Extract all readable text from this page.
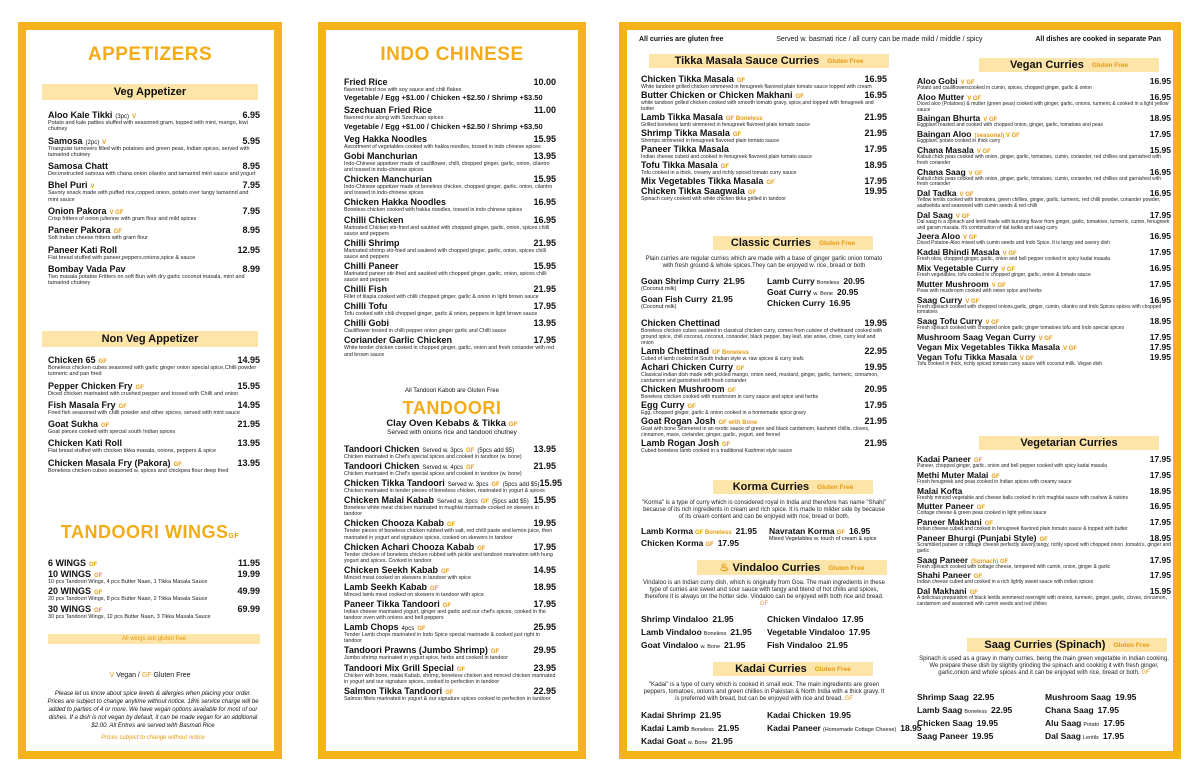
APPETIZERS
Veg Appetizer
Aloo Kale Tikki (3pc) V	6.95
Potato and kale patties stuffed with seasoned gram, topped with mint, mango, kiwi chutney
Samosa (2pc) V	5.95
Triangular turnovers filled with potatoes and green peas, Indian spices, served with tamarind chutney
Samosa Chatt	8.95
Deconstructed samosa with chana onion cilantro and tamarind mint sauce and yogurt
Bhel Puri V	7.95
Savory snack made with puffed rice,copped onion, potato over tangy tamarind and mint sauce
Onion Pakora V GF	7.95
Crisp fritters of onion julienne with gram flour and mild spices
Paneer Pakora GF	8.95
Soft Indian cheese fritters with gram flour
Paneer Kati Roll	12.95
Flat bread stuffed with paneer,peppers,onions,spice & sauce
Bombay Vada Pav	8.99
Two masala potatoe Fritters on soft Bun with dry garlic coconut masala, mint and tamarind chutney
Non Veg Appetizer
Chicken 65 GF	14.95
Boneless chicken cubes seasoned with garlic ginger onion special spice,Chilli powder turmeric and pan fried
Pepper Chicken Fry GF	15.95
Diced chicken marinated with crushed pepper and tossed with Chilli and onion
Fish Masala Fry GF	14.95
Fried fish seasoned with chilli powder and other spices, served with mint sauce
Goat Sukha GF	21.95
Goat pieces cooked with special south Indian spices
Chicken Kati Roll	13.95
Flat bread stuffed with chicken tikka masala, onions, peppers & spice
Chicken Masala Fry (Pakora) GF	13.95
Boneless chicken cubes seasoned w. spices and chickpea flour deep fried
TANDOORI WINGSGF
6 WINGS GF	11.95
10 WINGS GF	19.99
10 pcs Tandoori Wings, 4 pcs Butter Naan, 1 Tikka Masala Sauce
20 WINGS GF	49.99
20 pcs Tandoori Wings, 8 pcs Butter Naan, 2 Tikka Masala Sauce
30 WINGS GF	69.99
30 pcs Tandoori Wings, 12 pcs Butter Naan, 3 Tikka Masala Sauce
All wings are gluten free
V Vegan / GF Gluten Free
Please let us know about spice levels & allergies when placing your order. Prices are subject to change anytime without notice. 18% service charge will be added to parties of 4 or more. We have vegan options available for most of our dishes. If a dish is not vegan by default, it can be made vegan for an additional $2.00. All Entres are served with Basmati Rice
Prices subject to change without notice
INDO CHINESE
Fried Rice	10.00
flavored fried rice with soy sauce and chili flakes
Vegetable / Egg +$1.00 / Chicken +$2.50 / Shrimp +$3.50
Szechuan Fried Rice	11.00
flavored rice along with Szechuan spices
Vegetable / Egg +$1.00 / Chicken +$2.50 / Shrimp +$3.50
Veg Hakka Noodles	15.95
Assortment of vegetables cooked with hakka noodles, tossed in indo chinese spices
Gobi Manchurian	13.95
Indo-Chinese appetizer made of cauliflower, chilli, chopped ginger, garlic, onion, cilantro and tossed in indo-chinese spices
Chicken Manchurian	15.95
Indo-Chinese appetizer made of boneless chicken, chopped ginger, garlic, onion, cilantro and tossed in indo-chinese spices
Chicken Hakka Noodles	16.95
Boneless chicken cooked with hakka noodles, tossed in indo chinese spices
Chilli Chicken	16.95
Marinated Chicken stir-fried and sautéed with chopped ginger, garlic, onion, spices chilli sauce and peppers
Chilli Shrimp	21.95
Marinated shrimp stir-fried and sauteed with chopped ginger, garlic, onion, spices chilli sauce and peppers
Chilli Paneer	15.95
Marinated paneer stir-fried and sautéed with chopped ginger, garlic, onion, spices chilli sauce and peppers
Chilli Fish	21.95
Fillet of tilapia cooked with chilli chopped ginger, garlic & onion in light brown sauce
Chilli Tofu	17.95
Tofu cooked with chili chopped ginger, garlic & onion, peppers in light brown sauce
Chilli Gobi	13.95
Cauliflower tossed in chilli pepper onion ginger garlic and Chilli sauce
Coriander Garlic Chicken	17.95
White tender chicken cooked in chopped ginger, garlic, onion and fresh coriander with red and brown sauce
All Tandoori Kabob are Gluten Free
TANDOORI
Clay Oven Kebabs & Tikka GF
Served with onions rice and tandoori chutney
Tandoori Chicken Served w. 3pcs GF (5pcs add $5) 13.95
Chicken marinated in Chef's special spices and cooked in tandoor (w. bone)
Tandoori Chicken Served w. 4pcs GF	21.95
Chicken marinated in Chef's special spices and cooked in tandoor (w. bone)
Chicken Tikka Tandoori Served w. 3pcs GF (5pcs add $5) 15.95
Chicken marinated in tender pieces of boneless chicken, marinated in yogurt & spices
Chicken Malai Kabab Served w. 3pcs GF (5pcs add $5) 15.95
Boneless white meat chicken marinated in mughlai marinade cooked on skewers in tandoor
Chicken Chooza Kabab GF	19.95
Tender pieces of boneless chicken rubbed with salt, red chilli paste and lemon juice, then marinated in yogurt and signature spices, cooked on skewers in tandoor
Chicken Achari Chooza Kabab GF	17.95
Tender chicken of boneless chicken rubbed with pickle and tandoori marination with hung yogurt and spices. Cooked in tandoor
Chicken Seekh Kabab GF	14.95
Minced meat cooked on skewers in tandoor with spice
Lamb Seekh Kabab GF	18.95
Minced lamb meat cooked on skewers in tandoor with spice
Paneer Tikka Tandoori GF	17.95
Indian cheese marinated yogurt, ginger and garlic and our chef's spices, cooked in the tandoor oven with onions and bell peppers
Lamb Chops 4pcs GF	25.95
Tender Lamb chops marinated in Indo Spice special marinade & cooked just right in tandoor
Tandoori Prawns (Jumbo Shrimp) GF	29.95
Jumbo shrimp marinated in yogurt spice, herbs and cooked in tandoor
Tandoori Mix Grill Special GF	23.95
Chicken with bone, malai Kabab, shrimp, boneless chicken and minced chicken marinated in yogurt and our signature spices, cooked to perfection in tandoor
Salmon Tikka Tandoori GF	22.95
Salmon fillets marinated in yogurt & our signature spices cooked to perfection in tandoor
All curries are gluten free	Served w. basmati rice / all curry can be made mild / middle / spicy	All dishes are cooked in separate Pan
Tikka Masala Sauce Curries Gluten Free
Chicken Tikka Masala GF	16.95
White tandoori grilled chicken simmered in fenugreek flavored plain tomato sauce topped with cream
Butter Chicken or Chicken Makhani GF	16.95
white tandoori grilled chicken cooked with smooth tomato gravy, spice,and topped with fenugreek and butter
Lamb Tikka Masala GF Boneless	21.95
Grilled boneless lamb simmered in fenugreek flavored plain tomato sauce
Shrimp Tikka Masala GF	21.95
Shrimps simmered in fenugreek flavored plain tomato sauce
Paneer Tikka Masala	17.95
Indian cheese cubed and cooked in fenugreek flavored plain tomato sauce
Tofu Tikka Masala GF	18.95
Tofu cooked in a thick, creamy and richly spiced tomato curry sauce
Mix Vegetables Tikka Masala GF	17.95
Chicken Tikka Saagwala GF	19.95
Spinach curry cooked with white chicken tikka grilled in tandoor
Classic Curries Gluten Free
Plain curries are regular curries which are made with a base of ginger garlic onion tomato with fresh ground & whole spices.They can be enjoyed w. rice, bread or both
Goan Shrimp Curry 21.95
(Coconut milk)
Lamb Curry Boneless 20.95
Goan Fish Curry 21.95
(Coconut milk)
Goat Curry w. Bone 20.95
Chicken Curry 16.95
Chicken Chettinad	19.95
Boneless chicken cubes sautéed in classical chicken curry, comes from cuisine of chettinand cooked with ground spice, chili coconut, coconut, coriander, black pepper, bay leaf, star anise, clove, curry leaf and onion
Lamb Chettinad GF Boneless	22.95
Cubed of lamb cooked in South Indian style w. raw spices & curry leafs
Achari Chicken Curry GF	19.95
Classical indian dish made with pickled mango, onion seed, mustard, ginger, garlic, turmeric, cinnamon, cardamom and garnished with fresh coriander
Chicken Mushroom GF	20.95
Boneless chicken cooked with mushroom in curry sauce and spice and herbs
Egg Curry GF	17.95
Egg, chopped ginger, garlic & onion cooked in a homemade spice gravy
Goat Rogan Josh GF with Bone	21.95
Goat with bone Simmered in an exotic sauce of green and black cardamom, kashmiri chillis, cloves, cinnamon, mace, coriander, ginger, garlic, yogurt, and fennel
Lamb Rogan Josh GF	21.95
Cubed boneless lamb cooked in a traditional Kashmiri style sauce
Korma Curries Gluten Free
"Korma" is a type of curry which is considered royal in India and therefore has name "Shahi" because of its rich ingredients in cream and rich spice. It is made to milder side by because of its cream content and can be enjoyed with rice, bread or both.
Lamb Korma GF Boneless 21.95
Chicken Korma GF 17.95
Navratan Korma GF 16.95
Mixed Vegetables w. touch of cream & spice
♨ Vindaloo Curries Gluten Free
Vindaloo is an Indian curry dish, which is originally from Goa. The main ingredients in these type of curries are sweet and sour sauce with tangy and blend of hot chilis and spices, therefore it is always on the hotter side. Vindaloo can be enjoyed with both rice and bread. GF
Shrimp Vindaloo 21.95	Chicken Vindaloo 17.95
Lamb Vindaloo Boneless 21.95 Vegetable Vindaloo 17.95
Goat Vindaloo w. Bone 21.95	Fish Vindaloo 21.95
Kadai Curries Gluten Free
"Kadai" is a type of curry which is cooked in small wok. The main ingredients are green peppers, tomatoes, onions and green chillies in Pakistan & North India with a thick gravy. It is preferred with bread, but can be enjoyed with rice and bread. GF
Kadai Shrimp 21.95	Kadai Chicken 19.95
Kadai Lamb Boneless 21.95	Kadai Paneer (Homemade Cottage Cheese) 18.95
Kadai Goat w. Bone 21.95
Vegan Curries Gluten Free
Aloo Gobi V GF	16.95
Potato and cauliflowerscooked in cumin, spices, chopped ginger, garlic & onion
Aloo Mutter V GF	16.95
Diced aloo (Potatoes) & mutter (green peas) cooked with ginger, garlic, onions, turmeric & cooked in a light yellow sauce
Baingan Bhurta V GF	18.95
Eggplant roasted and cooked with chopped onion, ginger, garlic, tomatoes and peas
Baingan Aloo (seasonal) V GF	17.95
Eggplant, potato cooked in thick curry
Chana Masala V GF	15.95
Kabuli chick peas cooked with onion, ginger, garlic, tomatoes, cumin, coriander, red chillies and garnished with fresh coriander
Chana Saag V GF	16.95
Kabuli chick peas cooked with onion, ginger, garlic, tomatoes, cumin, coriander, red chillies and garnished with fresh coriander
Dal Tadka V GF	16.95
Yellow lentils cooked with tomatoes, green chillies, ginger, garlic, turmeric, red chilli powder, coriander powder, asafoetida and seasoned with cumin seeds & red chilli
Dal Saag V GF	17.95
Dal saag is a spinach and lentil made with bursting flavor from ginger, garlic, tomatoes, turmeric, cumin, fenugreek and garam masala. It's combination of dal tadka and saag curry
Jeera Aloo V GF	16.95
Diced Potatoe-Aloo mixed with cumin seeds and Indo Spice. It is tangy and savory dish
Kadai Bhindi Masala V GF	17.95
Fresh okra, chopped ginger, garlic, onion and bell pepper cooked in spicy kadai masala
Mix Vegetable Curry V GF	16.95
Fresh vegetables, tofu cooked in chopped ginger, garlic, onion & tomato sauce
Mutter Mushroom V GF	17.95
Peas with mushroom cooked with onion spice and herbs
Saag Curry V GF	16.95
Fresh spinach cooked with chopped onions,garlic, ginger, cumin, cilantro and Indo Spices spices with chopped tomatoes
Saag Tofu Curry V GF	18.95
Fresh spinach cooked with chopped onion garlic ginger tomatoes tofu and Indo special spices
Mushroom Saag Vegan Curry V GF	17.95
Vegan Mix Vegetables Tikka Masala V GF	17.95
Vegan Tofu Tikka Masala V GF	19.95
Tofu cooked in thick, richly spiced tomato curry sauce with coconut milk. Vegan dish
Vegetarian Curries
Kadai Paneer GF	17.95
Paneer, chopped ginger, garlic, onion and bell pepper cooked with spicy kadai masala
Methi Muter Malai GF	17.95
Fresh fenugreek and peas cooked in Indian spices with creamy sauce
Malai Kofta	18.95
Freshly minced vegetable and cheese balls cooked in rich mughlai sauce with cashew & raisins
Mutter Paneer GF	16.95
Cottage cheese & green peas cooked in light yellow sauce
Paneer Makhani GF	17.95
Indian cheese cubed and cooked in fenugreek flavored plain tomato sauce & topped with butter
Paneer Bhurgi (Punjabi Style) GF	18.95
Scrambled paneer or cottage cheese perfectly savory,tangy, richly spiced with chopped onion ,tomato's, ginger and garlic
Saag Paneer (Spinach) GF	17.95
Fresh spinach cooked with cottage cheese, tempered with cumin, onion, ginger & garlic
Shahi Paneer GF	17.95
Indian cheese cubed and cooked in a rich lightly sweet sauce with indian spices
Dal Makhani GF	15.95
A delicious preparation of black lentils simmered overnight with onions, turmeric, ginger, garlic, cloves, cinnamon, cardamom and seasoned with cumin seeds and red chilies
Saag Curries (Spinach) Gluten Free
Spinach is used as a gravy in many curries, being the main green vegetable in Indian cooking. We prepare these dish by slightly grinding the spinach and cooking it with fresh ginger, garlic,onion and whole spices and it can be enjoyed with rice, bread or both. GF
Shrimp Saag 22.95	Mushroom Saag 19.95
Lamb Saag Boneless 22.95	Chana Saag 17.95
Chicken Saag 19.95	Alu Saag Potato 17.95
Saag Paneer 19.95	Dal Saag Lentils 17.95
